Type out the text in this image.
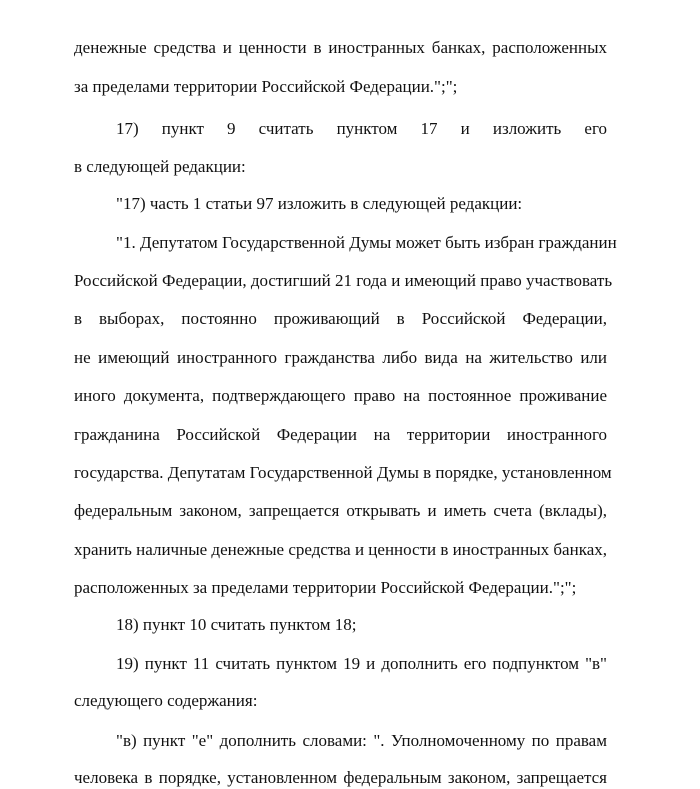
денежные средства и ценности в иностранных банках, расположенных
за пределами территории Российской Федерации.";";
17) пункт 9 считать пунктом 17 и изложить его
в следующей редакции:
"17) часть 1 статьи 97 изложить в следующей редакции:
"1. Депутатом Государственной Думы может быть избран гражданин
Российской Федерации, достигший 21 года и имеющий право участвовать
в выборах, постоянно проживающий в Российской Федерации,
не имеющий иностранного гражданства либо вида на жительство или
иного документа, подтверждающего право на постоянное проживание
гражданина Российской Федерации на территории иностранного
государства. Депутатам Государственной Думы в порядке, установленном
федеральным законом, запрещается открывать и иметь счета (вклады),
хранить наличные денежные средства и ценности в иностранных банках,
расположенных за пределами территории Российской Федерации.";";
18) пункт 10 считать пунктом 18;
19) пункт 11 считать пунктом 19 и дополнить его подпунктом "в"
следующего содержания:
"в) пункт "е" дополнить словами: ". Уполномоченному по правам
человека в порядке, установленном федеральным законом, запрещается
